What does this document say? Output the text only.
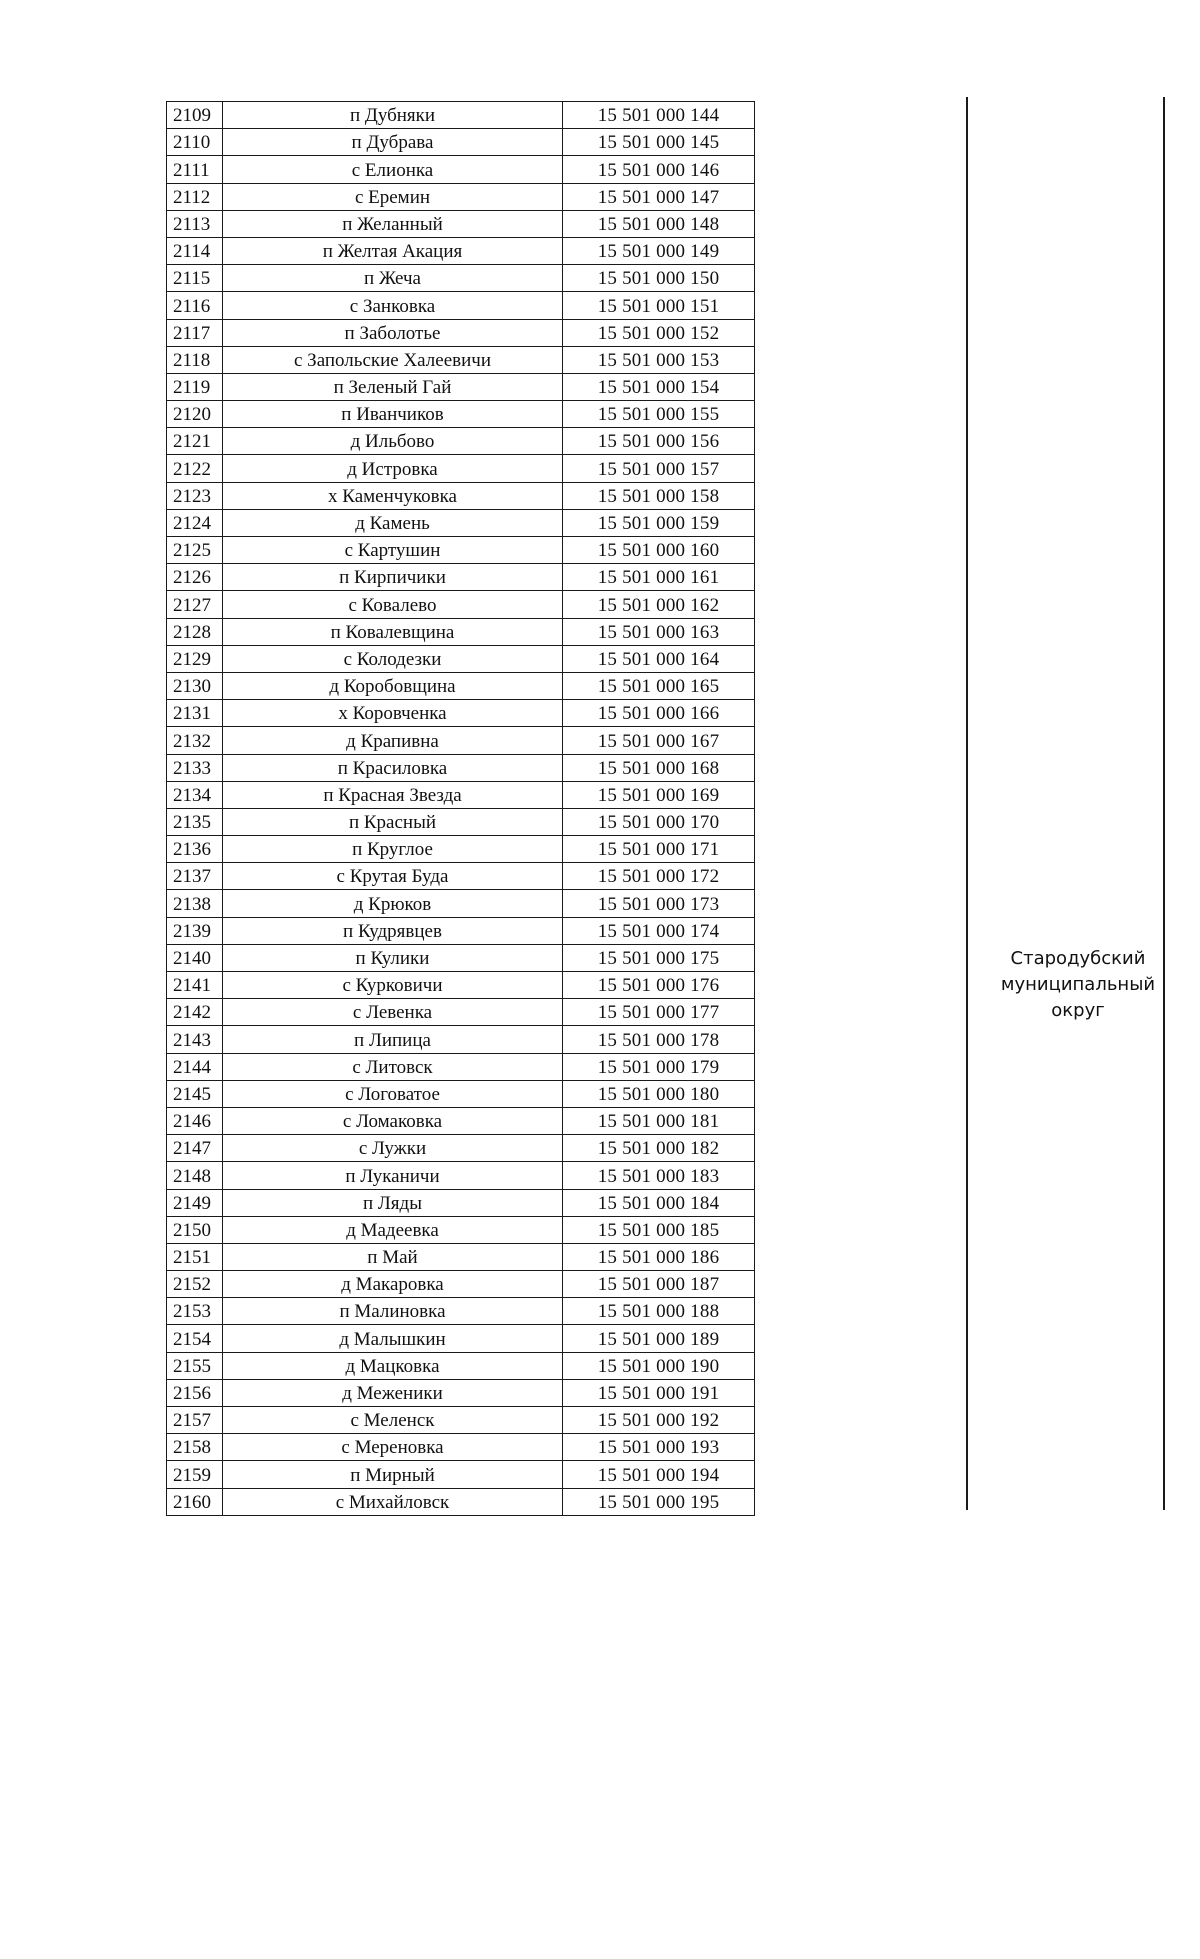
2109	п Дубняки	15 501 000 144
2110	п Дубрава	15 501 000 145
2111	с Елионка	15 501 000 146
2112	с Еремин	15 501 000 147
2113	п Желанный	15 501 000 148
2114	п Желтая Акация	15 501 000 149
2115	п Жеча	15 501 000 150
2116	с Занковка	15 501 000 151
2117	п Заболотье	15 501 000 152
2118	с Запольские Халеевичи	15 501 000 153
2119	п Зеленый Гай	15 501 000 154
2120	п Иванчиков	15 501 000 155
2121	д Ильбово	15 501 000 156
2122	д Истровка	15 501 000 157
2123	х Каменчуковка	15 501 000 158
2124	д Камень	15 501 000 159
2125	с Картушин	15 501 000 160
2126	п Кирпичики	15 501 000 161
2127	с Ковалево	15 501 000 162
2128	п Ковалевщина	15 501 000 163
2129	с Колодезки	15 501 000 164
2130	д Коробовщина	15 501 000 165
2131	х Коровченка	15 501 000 166
2132	д Крапивна	15 501 000 167
2133	п Красиловка	15 501 000 168
2134	п Красная Звезда	15 501 000 169
2135	п Красный	15 501 000 170
2136	п Круглое	15 501 000 171
2137	с Крутая Буда	15 501 000 172
2138	д Крюков	15 501 000 173
2139	п Кудрявцев	15 501 000 174
2140	п Кулики	15 501 000 175
2141	с Курковичи	15 501 000 176
2142	с Левенка	15 501 000 177
2143	п Липица	15 501 000 178
2144	с Литовск	15 501 000 179
2145	с Логоватое	15 501 000 180
2146	с Ломаковка	15 501 000 181
2147	с Лужки	15 501 000 182
2148	п Луканичи	15 501 000 183
2149	п Ляды	15 501 000 184
2150	д Мадеевка	15 501 000 185
2151	п Май	15 501 000 186
2152	д Макаровка	15 501 000 187
2153	п Малиновка	15 501 000 188
2154	д Малышкин	15 501 000 189
2155	д Мацковка	15 501 000 190
2156	д Меженики	15 501 000 191
2157	с Меленск	15 501 000 192
2158	с Мереновка	15 501 000 193
2159	п Мирный	15 501 000 194
2160	с Михайловск	15 501 000 195
Стародубский
муниципальный
округ
